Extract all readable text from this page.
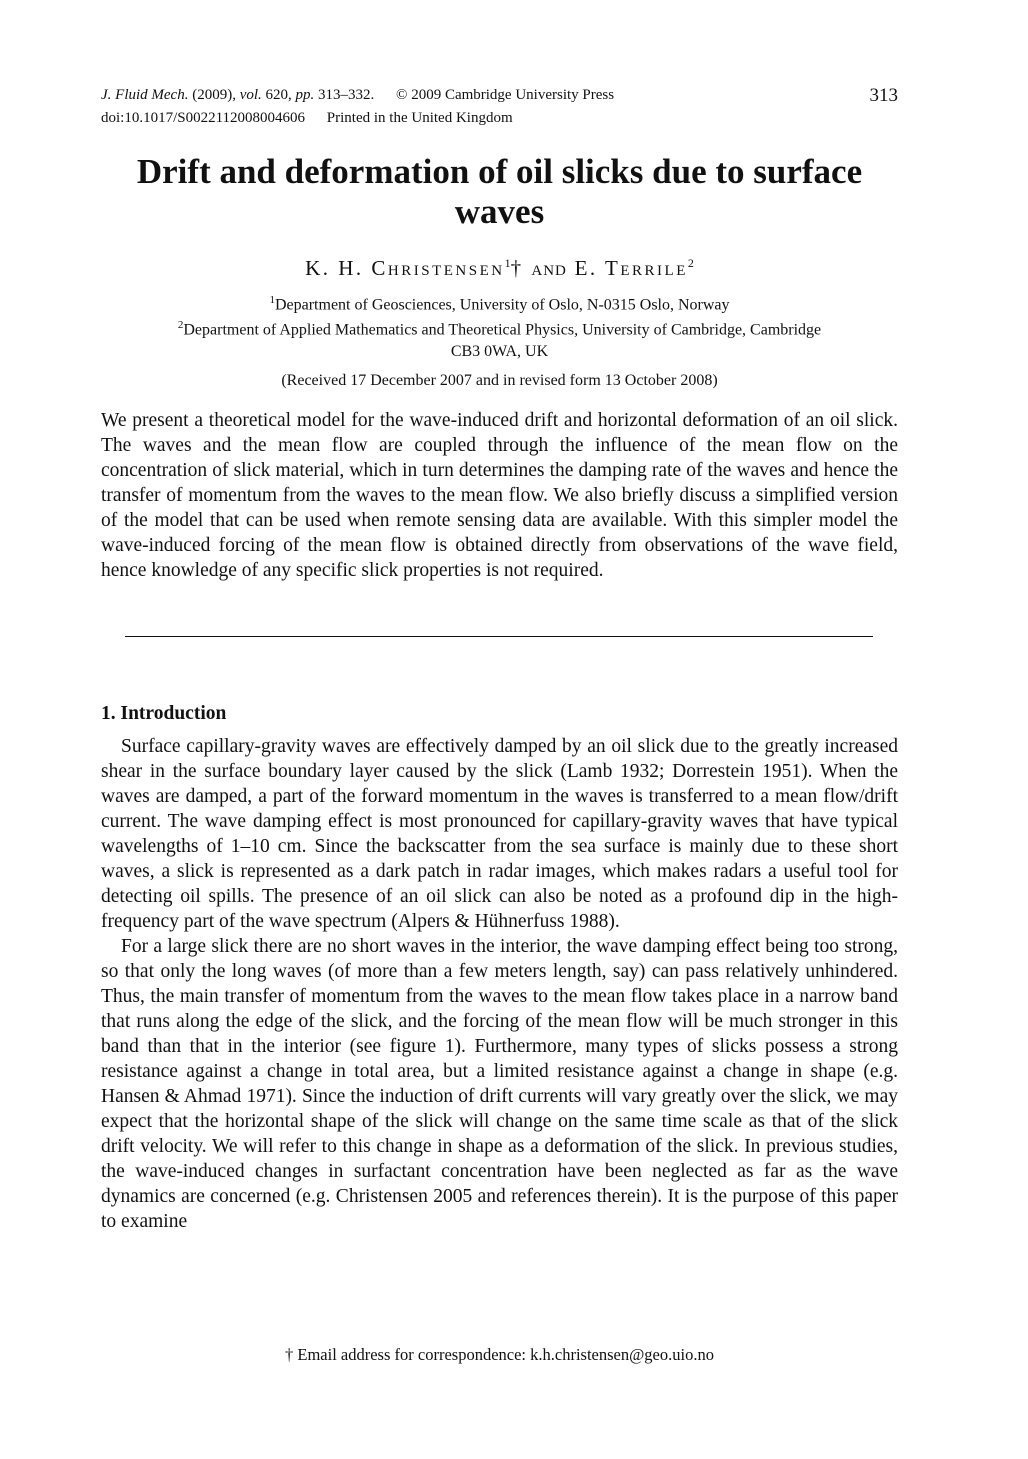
J. Fluid Mech. (2009), vol. 620, pp. 313–332. © 2009 Cambridge University Press
doi:10.1017/S0022112008004606 Printed in the United Kingdom
313
Drift and deformation of oil slicks due to surface waves
K. H. Christensen$^1$† AND E. Terrile$^2$
$^1$Department of Geosciences, University of Oslo, N-0315 Oslo, Norway
$^2$Department of Applied Mathematics and Theoretical Physics, University of Cambridge, Cambridge
CB3 0WA, UK
(Received 17 December 2007 and in revised form 13 October 2008)
We present a theoretical model for the wave-induced drift and horizontal deformation of an oil slick. The waves and the mean flow are coupled through the influence of the mean flow on the concentration of slick material, which in turn determines the damping rate of the waves and hence the transfer of momentum from the waves to the mean flow. We also briefly discuss a simplified version of the model that can be used when remote sensing data are available. With this simpler model the wave-induced forcing of the mean flow is obtained directly from observations of the wave field, hence knowledge of any specific slick properties is not required.
1. Introduction

Surface capillary-gravity waves are effectively damped by an oil slick due to the greatly increased shear in the surface boundary layer caused by the slick (Lamb 1932; Dorrestein 1951). When the waves are damped, a part of the forward momentum in the waves is transferred to a mean flow/drift current. The wave damping effect is most pronounced for capillary-gravity waves that have typical wavelengths of 1–10 cm. Since the backscatter from the sea surface is mainly due to these short waves, a slick is represented as a dark patch in radar images, which makes radars a useful tool for detecting oil spills. The presence of an oil slick can also be noted as a profound dip in the high-frequency part of the wave spectrum (Alpers & Hühnerfuss 1988).

For a large slick there are no short waves in the interior, the wave damping effect being too strong, so that only the long waves (of more than a few meters length, say) can pass relatively unhindered. Thus, the main transfer of momentum from the waves to the mean flow takes place in a narrow band that runs along the edge of the slick, and the forcing of the mean flow will be much stronger in this band than that in the interior (see figure 1). Furthermore, many types of slicks possess a strong resistance against a change in total area, but a limited resistance against a change in shape (e.g. Hansen & Ahmad 1971). Since the induction of drift currents will vary greatly over the slick, we may expect that the horizontal shape of the slick will change on the same time scale as that of the slick drift velocity. We will refer to this change in shape as a deformation of the slick. In previous studies, the wave-induced changes in surfactant concentration have been neglected as far as the wave dynamics are concerned (e.g. Christensen 2005 and references therein). It is the purpose of this paper to examine

† Email address for correspondence: k.h.christensen@geo.uio.no
